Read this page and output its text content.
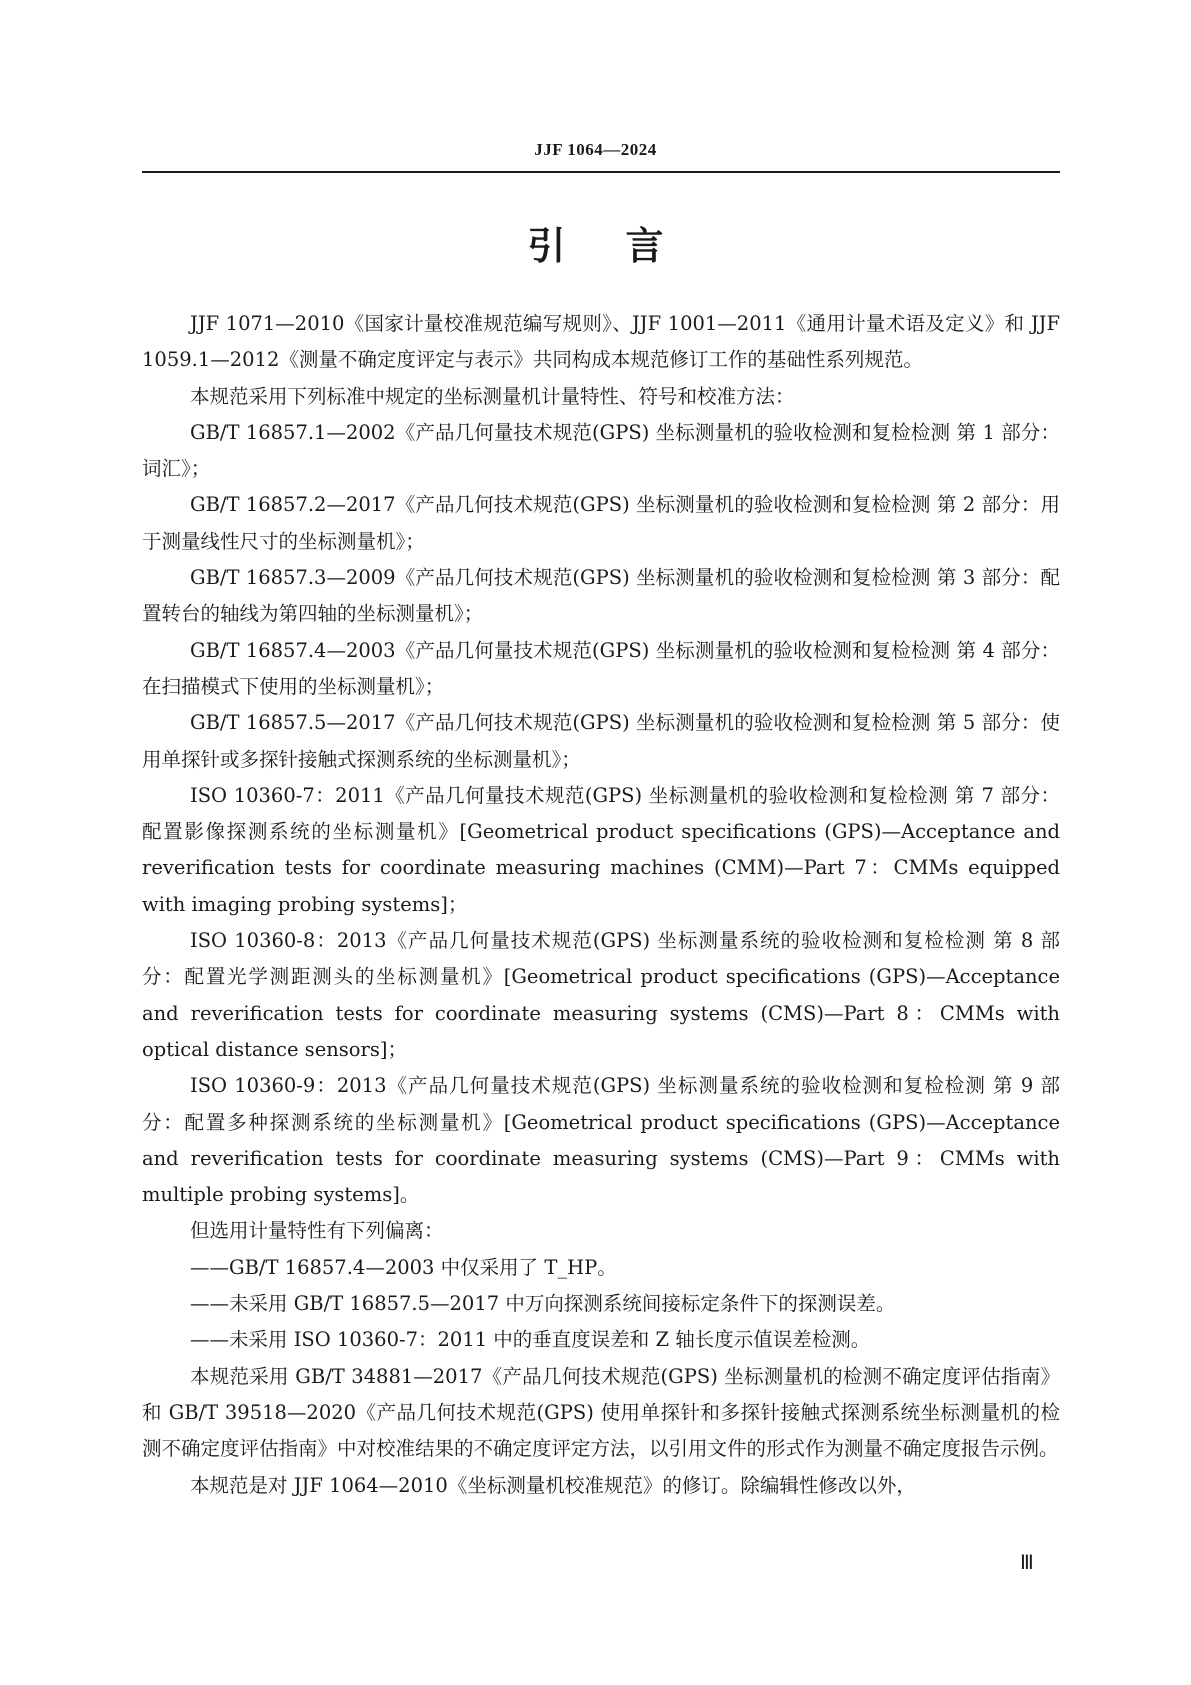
JJF 1064—2024
引言

JJF 1071—2010《国家计量校准规范编写规则》、JJF 1001—2011《通用计量术语及定义》和 JJF 1059.1—2012《测量不确定度评定与表示》共同构成本规范修订工作的基础性系列规范。

本规范采用下列标准中规定的坐标测量机计量特性、符号和校准方法：

GB/T 16857.1—2002《产品几何量技术规范(GPS) 坐标测量机的验收检测和复检检测 第 1 部分：词汇》；

GB/T 16857.2—2017《产品几何技术规范(GPS) 坐标测量机的验收检测和复检检测 第 2 部分：用于测量线性尺寸的坐标测量机》；

GB/T 16857.3—2009《产品几何技术规范(GPS) 坐标测量机的验收检测和复检检测 第 3 部分：配置转台的轴线为第四轴的坐标测量机》；

GB/T 16857.4—2003《产品几何量技术规范(GPS) 坐标测量机的验收检测和复检检测 第 4 部分：在扫描模式下使用的坐标测量机》；

GB/T 16857.5—2017《产品几何技术规范(GPS) 坐标测量机的验收检测和复检检测 第 5 部分：使用单探针或多探针接触式探测系统的坐标测量机》；

ISO 10360-7：2011《产品几何量技术规范(GPS) 坐标测量机的验收检测和复检检测 第 7 部分：配置影像探测系统的坐标测量机》[Geometrical product specifications (GPS)—Acceptance and reverification tests for coordinate measuring machines (CMM)—Part 7：CMMs equipped with imaging probing systems]；

ISO 10360-8：2013《产品几何量技术规范(GPS) 坐标测量系统的验收检测和复检检测 第 8 部分：配置光学测距测头的坐标测量机》[Geometrical product specifications (GPS)—Acceptance and reverification tests for coordinate measuring systems (CMS)—Part 8：CMMs with optical distance sensors]；

ISO 10360-9：2013《产品几何量技术规范(GPS) 坐标测量系统的验收检测和复检检测 第 9 部分：配置多种探测系统的坐标测量机》[Geometrical product specifications (GPS)—Acceptance and reverification tests for coordinate measuring systems (CMS)—Part 9：CMMs with multiple probing systems]。

但选用计量特性有下列偏离：

——GB/T 16857.4—2003 中仅采用了 T_HP。

——未采用 GB/T 16857.5—2017 中万向探测系统间接标定条件下的探测误差。

——未采用 ISO 10360-7：2011 中的垂直度误差和 Z 轴长度示值误差检测。

本规范采用 GB/T 34881—2017《产品几何技术规范(GPS) 坐标测量机的检测不确定度评估指南》和 GB/T 39518—2020《产品几何技术规范(GPS) 使用单探针和多探针接触式探测系统坐标测量机的检测不确定度评估指南》中对校准结果的不确定度评定方法，以引用文件的形式作为测量不确定度报告示例。

本规范是对 JJF 1064—2010《坐标测量机校准规范》的修订。除编辑性修改以外，

Ⅲ
